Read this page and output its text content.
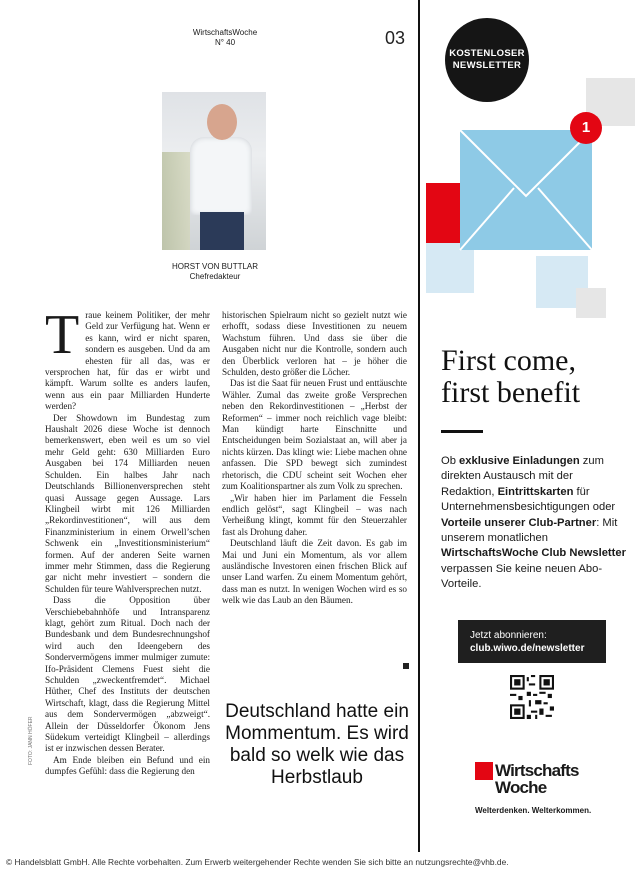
WirtschaftsWoche
N° 40	03
HORST VON BUTTLAR
Chefredakteur

Traue keinem Politiker, der mehr Geld zur Verfügung hat. Wenn er es kann, wird er nicht sparen, sondern es ausgeben. Und da am ehesten für all das, was er versprochen hat, für das er wirbt und kämpft. Warum sollte es anders laufen, wenn aus ein paar Milliarden Hunderte werden?

Der Showdown im Bundestag zum Haushalt 2026 diese Woche ist dennoch bemerkenswert, eben weil es um so viel mehr Geld geht: 630 Milliarden Euro Ausgaben bei 174 Milliarden neuen Schulden. Ein halbes Jahr nach Deutschlands Billionenversprechen steht quasi Aussage gegen Aussage. Lars Klingbeil wirbt mit 126 Milliarden „Rekordinvestitionen“, will aus dem Finanzministerium in einem Orwell’schen Schwenk ein „Investitionsministerium“ formen. Auf der anderen Seite warnen immer mehr Stimmen, dass die Regierung gar nicht mehr investiert – sondern die Schulden für teure Wahlversprechen nutzt.

Dass die Opposition über Verschiebebahnhöfe und Intransparenz klagt, gehört zum Ritual. Doch nach der Bundesbank und dem Bundesrechnungshof wird auch den Ideengebern des Sondervermögens immer mulmiger zumute: Ifo-Präsident Clemens Fuest sieht die Schulden „zweckentfremdet“. Michael Hüther, Chef des Instituts der deutschen Wirtschaft, klagt, dass die Regierung Mittel aus dem Sondervermögen „abzweigt“. Allein der Düsseldorfer Ökonom Jens Südekum verteidigt Klingbeil – allerdings ist er inzwischen dessen Berater.

Am Ende bleiben ein Befund und ein dumpfes Gefühl: dass die Regierung den

historischen Spielraum nicht so gezielt nutzt wie erhofft, sodass diese Investitionen zu neuem Wachstum führen. Und dass sie über die Ausgaben nicht nur die Kontrolle, sondern auch den Überblick verloren hat – je höher die Schulden, desto größer die Löcher.

Das ist die Saat für neuen Frust und enttäuschte Wähler. Zumal das zweite große Versprechen neben den Rekordinvestitionen – „Herbst der Reformen“ – immer noch reichlich vage bleibt: Man kündigt harte Einschnitte und Entscheidungen beim Sozialstaat an, will aber ja nichts kürzen. Das klingt wie: Liebe machen ohne anfassen. Die SPD bewegt sich zumindest rhetorisch, die CDU scheint seit Wochen eher zum Koalitionspartner als zum Volk zu sprechen.

„Wir haben hier im Parlament die Fesseln endlich gelöst“, sagt Klingbeil – was nach Verheißung klingt, kommt für den Steuerzahler fast als Drohung daher.

Deutschland läuft die Zeit davon. Es gab im Mai und Juni ein Momentum, als vor allem ausländische Investoren einen frischen Blick auf unser Land warfen. Zu einem Momentum gehört, dass man es nutzt. In wenigen Wochen wird es so welk wie das Laub an den Bäumen.

Deutschland hatte ein Mommentum. Es wird bald so welk wie das Herbstlaub
FOTO: JANN HÖFER
1
KOSTENLOSER
NEWSLETTER
First come,
first benefit
Ob exklusive Einladungen zum direkten Austausch mit der Redaktion, Eintrittskarten für Unternehmensbesichtigungen oder Vorteile unserer Club-Partner: Mit unserem monatlichen WirtschaftsWoche Club Newsletter verpassen Sie keine neuen Abo-Vorteile.
Jetzt abonnieren:
club.wiwo.de/newsletter
Wirtschafts
Woche
Welterdenken. Welterkommen.
© Handelsblatt GmbH. Alle Rechte vorbehalten. Zum Erwerb weitergehender Rechte wenden Sie sich bitte an nutzungsrechte@vhb.de.
